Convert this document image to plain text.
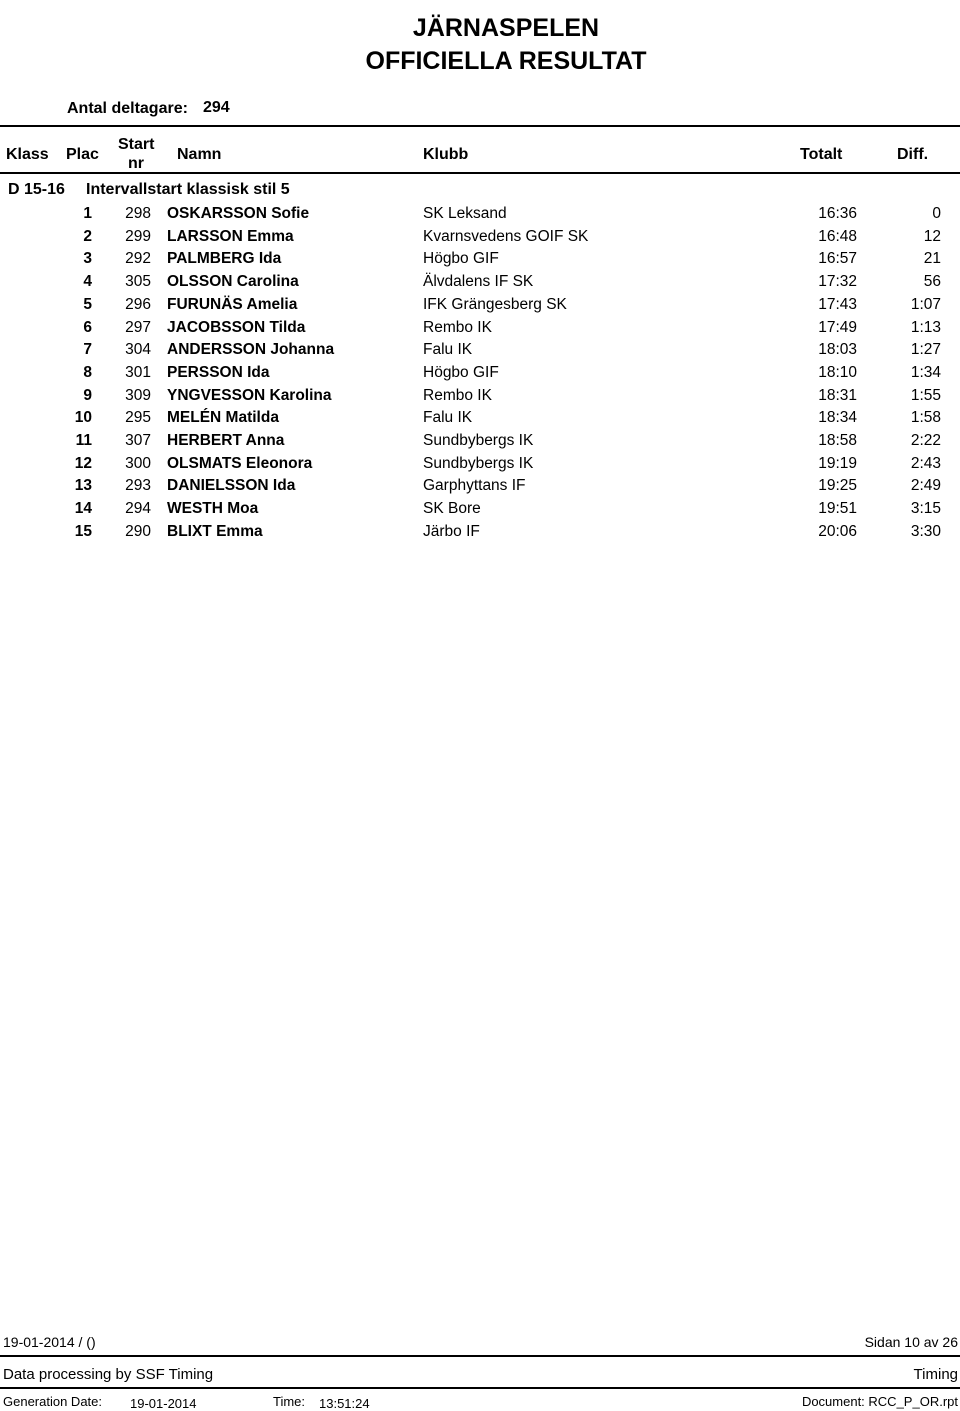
JÄRNASPELEN
OFFICIELLA RESULTAT
Antal deltagare: 294
Klass Plac
Start
nr
Namn	Klubb	Totalt	Diff.
D 15-16 Intervallstart klassisk stil 5
1	298 OSKARSSON Sofie	SK Leksand	16:36	0
2	299 LARSSON Emma	Kvarnsvedens GOIF SK	16:48	12
3	292 PALMBERG Ida	Högbo GIF	16:57	21
4	305 OLSSON Carolina	Älvdalens IF SK	17:32	56
5	296 FURUNÄS Amelia	IFK Grängesberg SK	17:43	1:07
6	297 JACOBSSON Tilda	Rembo IK	17:49	1:13
7	304 ANDERSSON Johanna	Falu IK	18:03	1:27
8	301 PERSSON Ida	Högbo GIF	18:10	1:34
9	309 YNGVESSON Karolina	Rembo IK	18:31	1:55
10	295 MELÉN Matilda	Falu IK	18:34	1:58
11	307 HERBERT Anna	Sundbybergs IK	18:58	2:22
12	300 OLSMATS Eleonora	Sundbybergs IK	19:19	2:43
13	293 DANIELSSON Ida	Garphyttans IF	19:25	2:49
14	294 WESTH Moa	SK Bore	19:51	3:15
15	290 BLIXT Emma	Järbo IF	20:06	3:30
19-01-2014 / ()	Sidan 10 av 26
Data processing by SSF Timing	Timing
Generation Date: 19-01-2014	Time: 13:51:24	Document: RCC_P_OR.rpt
